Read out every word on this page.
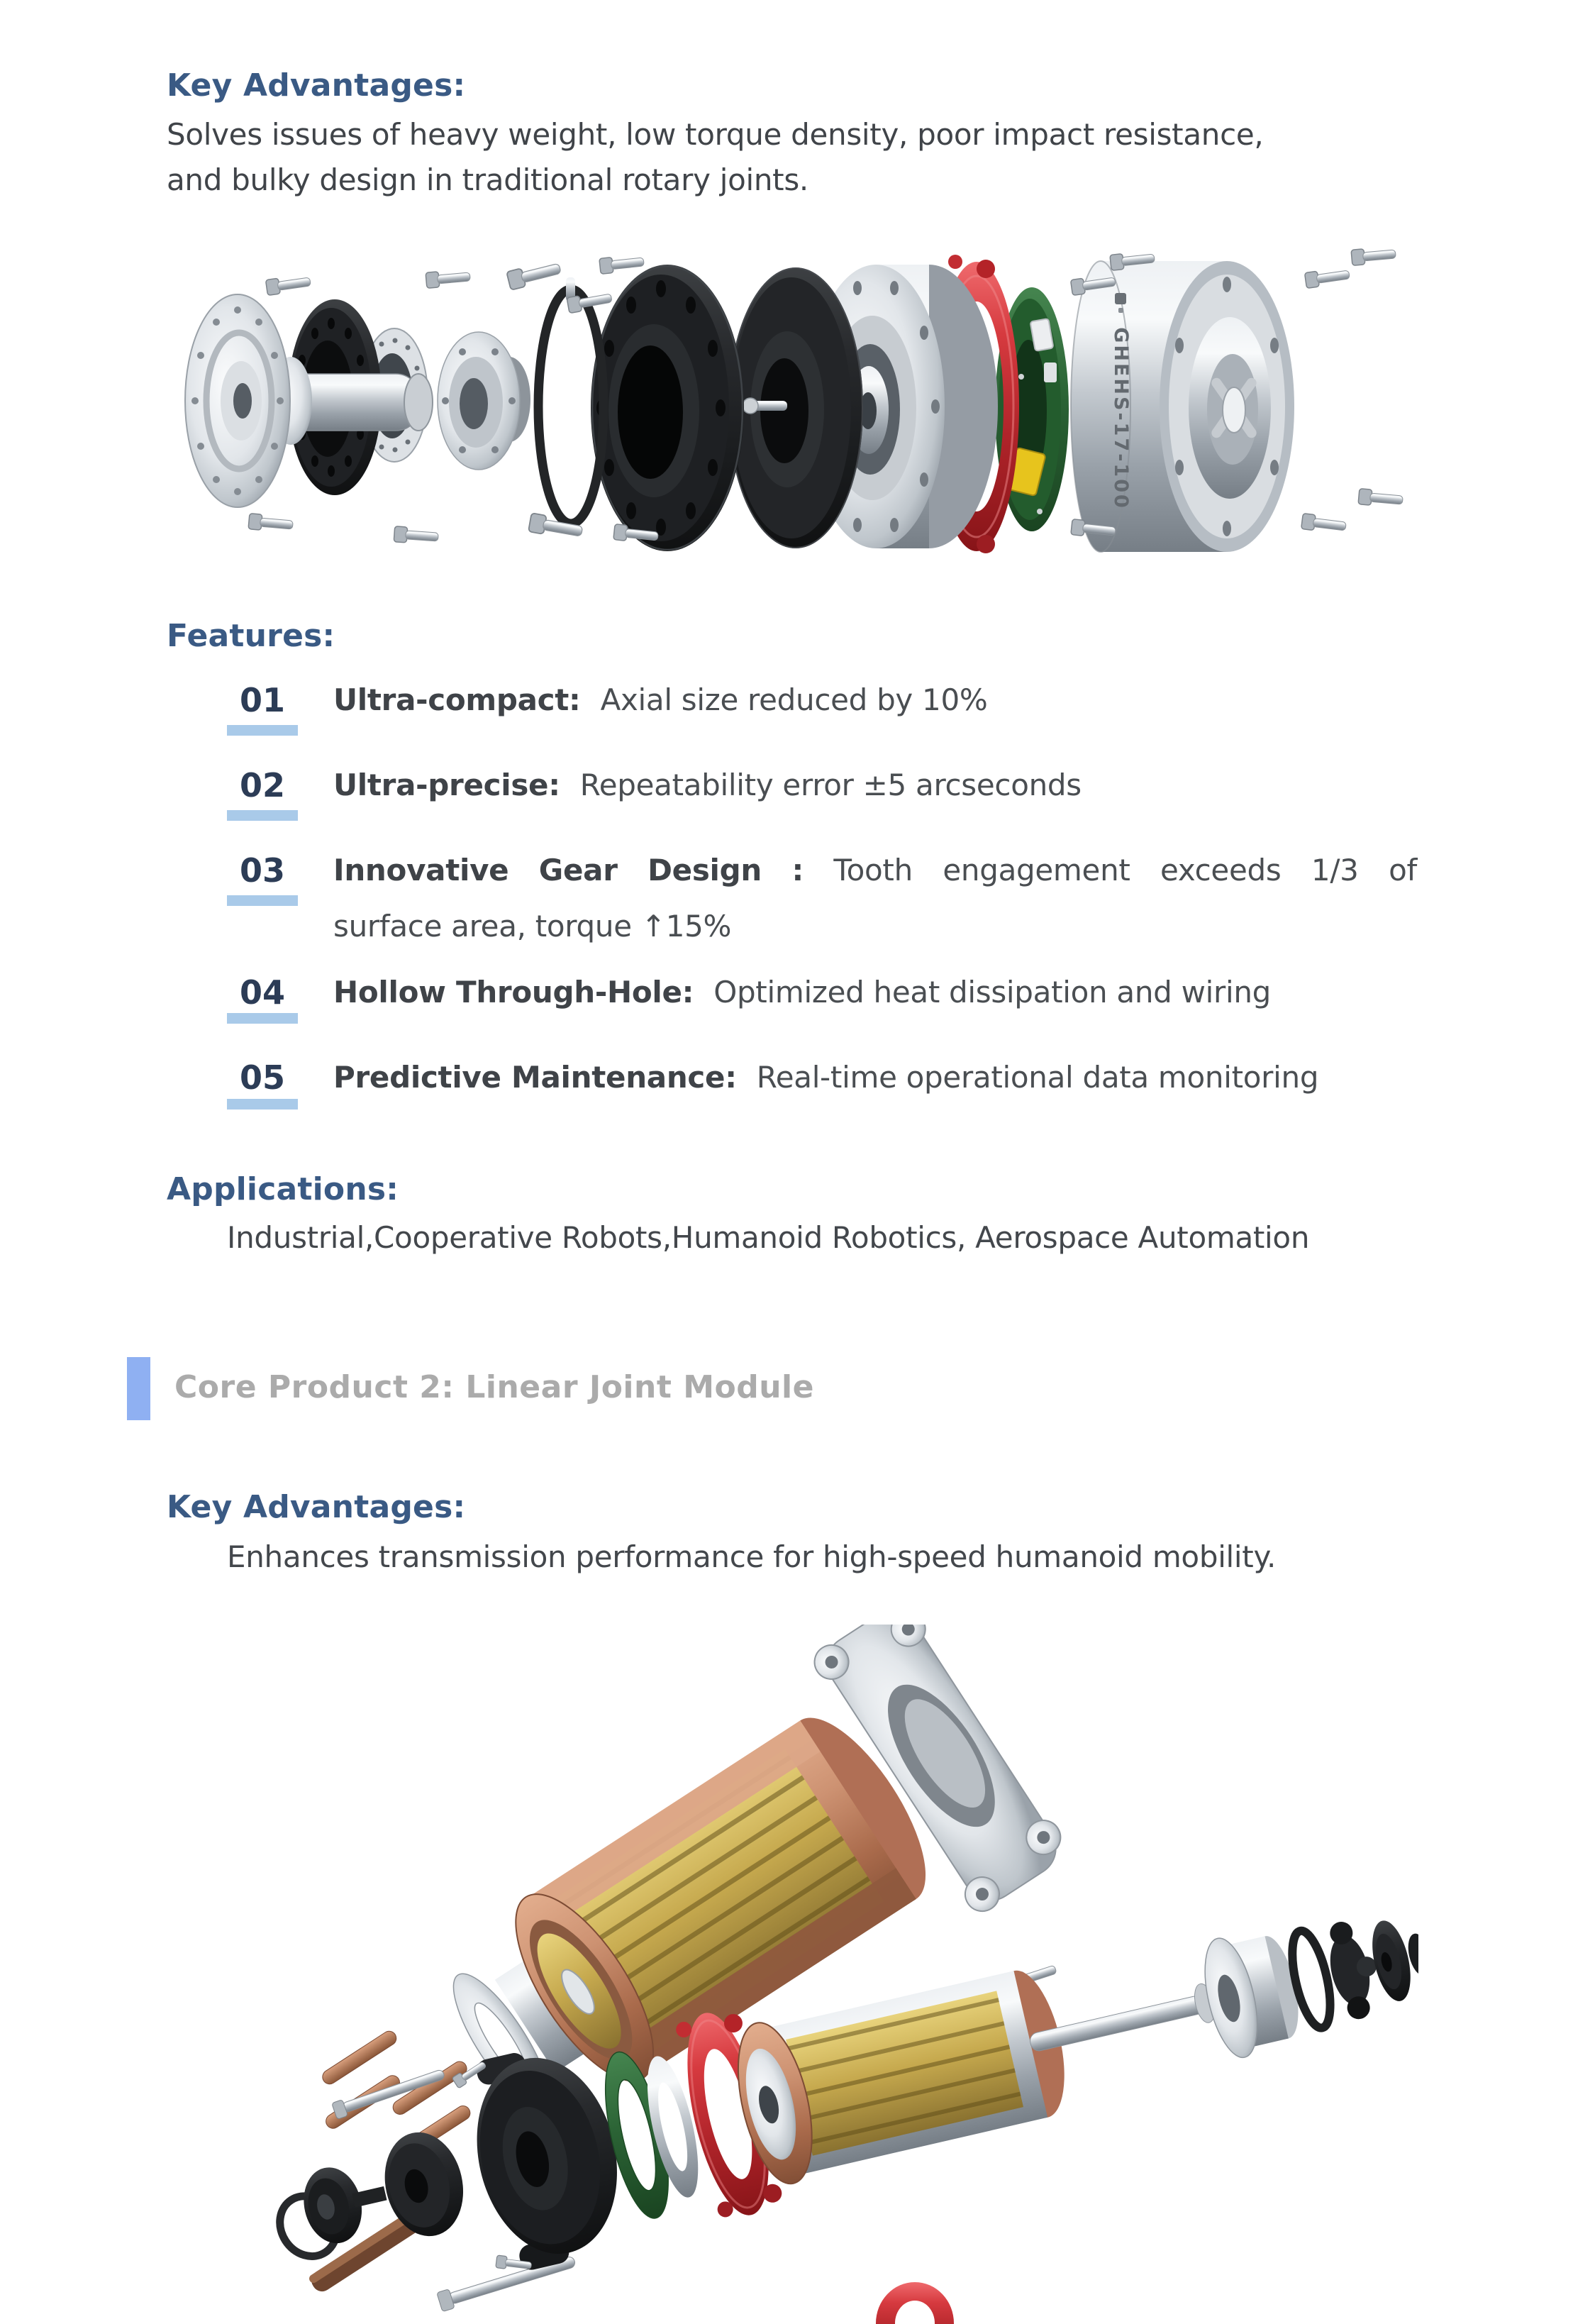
Key Advantages:
Solves issues of heavy weight, low torque density, poor impact resistance,
and bulky design in traditional rotary joints.
GHEHS-17-100
Features:
01	Ultra-compact: Axial size reduced by 10%
02	Ultra-precise: Repeatability error ±5 arcseconds
03	Innovative Gear Design : Tooth engagement exceeds 1/3 of
surface area, torque ↑15%
04	Hollow Through-Hole: Optimized heat dissipation and wiring
05	Predictive Maintenance: Real-time operational data monitoring
Applications:
Industrial,Cooperative Robots,Humanoid Robotics, Aerospace Automation
Core Product 2: Linear Joint Module
Key Advantages:
Enhances transmission performance for high-speed humanoid mobility.
